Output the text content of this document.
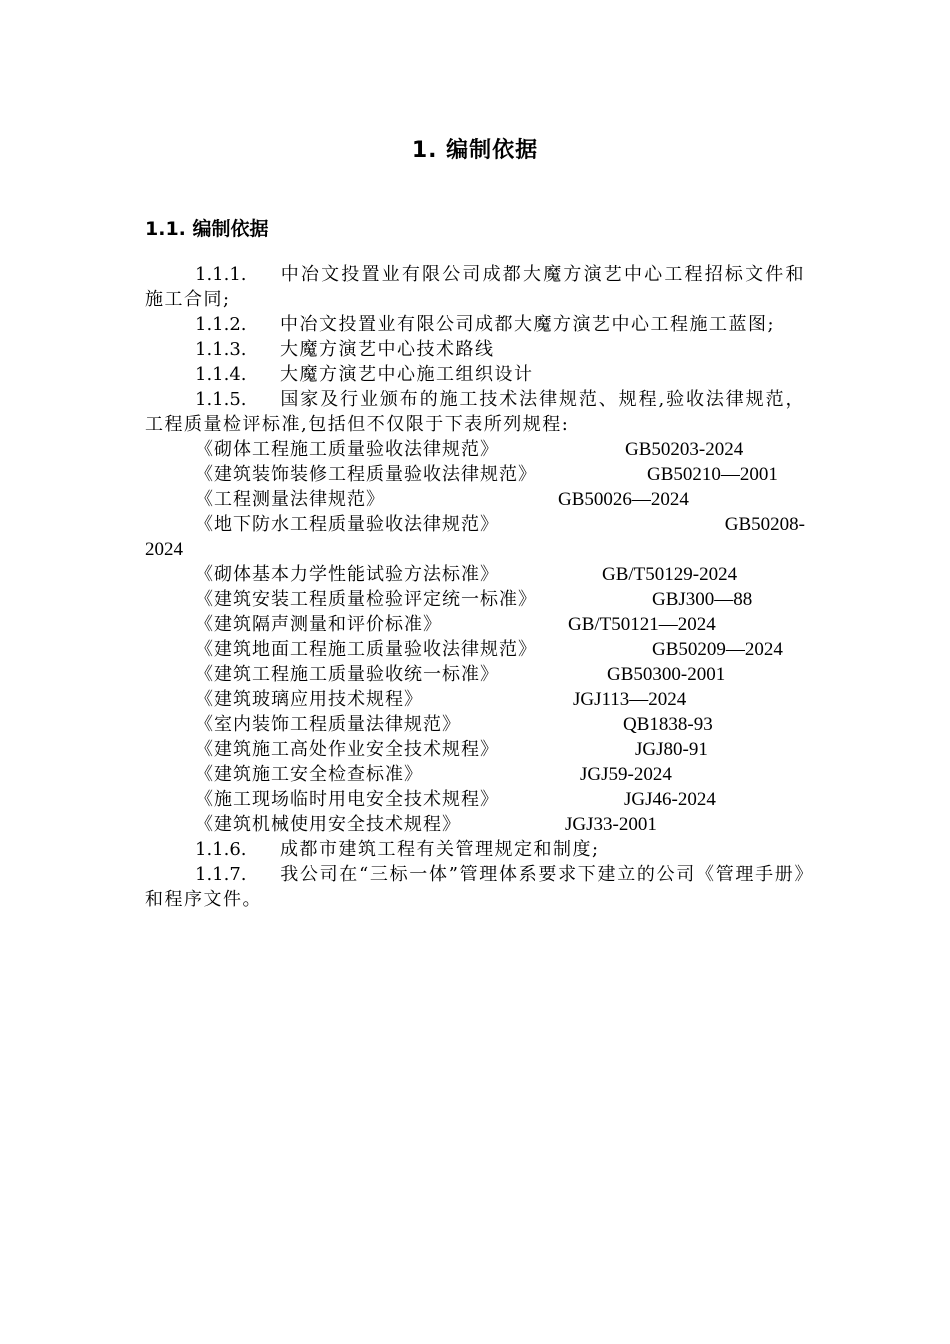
1. 编制依据
1.1. 编制依据

1.1.1. 中冶文投置业有限公司成都大魔方演艺中心工程招标文件和施工合同;

1.1.2. 中冶文投置业有限公司成都大魔方演艺中心工程施工蓝图;

1.1.3. 大魔方演艺中心技术路线

1.1.4. 大魔方演艺中心施工组织设计

1.1.5. 国家及行业颁布的施工技术法律规范、规程,验收法律规范，工程质量检评标准,包括但不仅限于下表所列规程:

《砌体工程施工质量验收法律规范》	GB50203-2024
《建筑装饰装修工程质量验收法律规范》	GB50210—2001
《工程测量法律规范》	GB50026—2024
《地下防水工程质量验收法律规范》	GB50208-
2024
《砌体基本力学性能试验方法标准》	GB/T50129-2024
《建筑安装工程质量检验评定统一标准》	GBJ300—88
《建筑隔声测量和评价标准》	GB/T50121—2024
《建筑地面工程施工质量验收法律规范》	GB50209—2024
《建筑工程施工质量验收统一标准》	GB50300-2001
《建筑玻璃应用技术规程》	JGJ113—2024
《室内装饰工程质量法律规范》	QB1838-93
《建筑施工高处作业安全技术规程》	JGJ80-91
《建筑施工安全检查标准》	JGJ59-2024
《施工现场临时用电安全技术规程》	JGJ46-2024
《建筑机械使用安全技术规程》	JGJ33-2001

1.1.6. 成都市建筑工程有关管理规定和制度;

1.1.7. 我公司在“三标一体”管理体系要求下建立的公司《管理手册》和程序文件。
